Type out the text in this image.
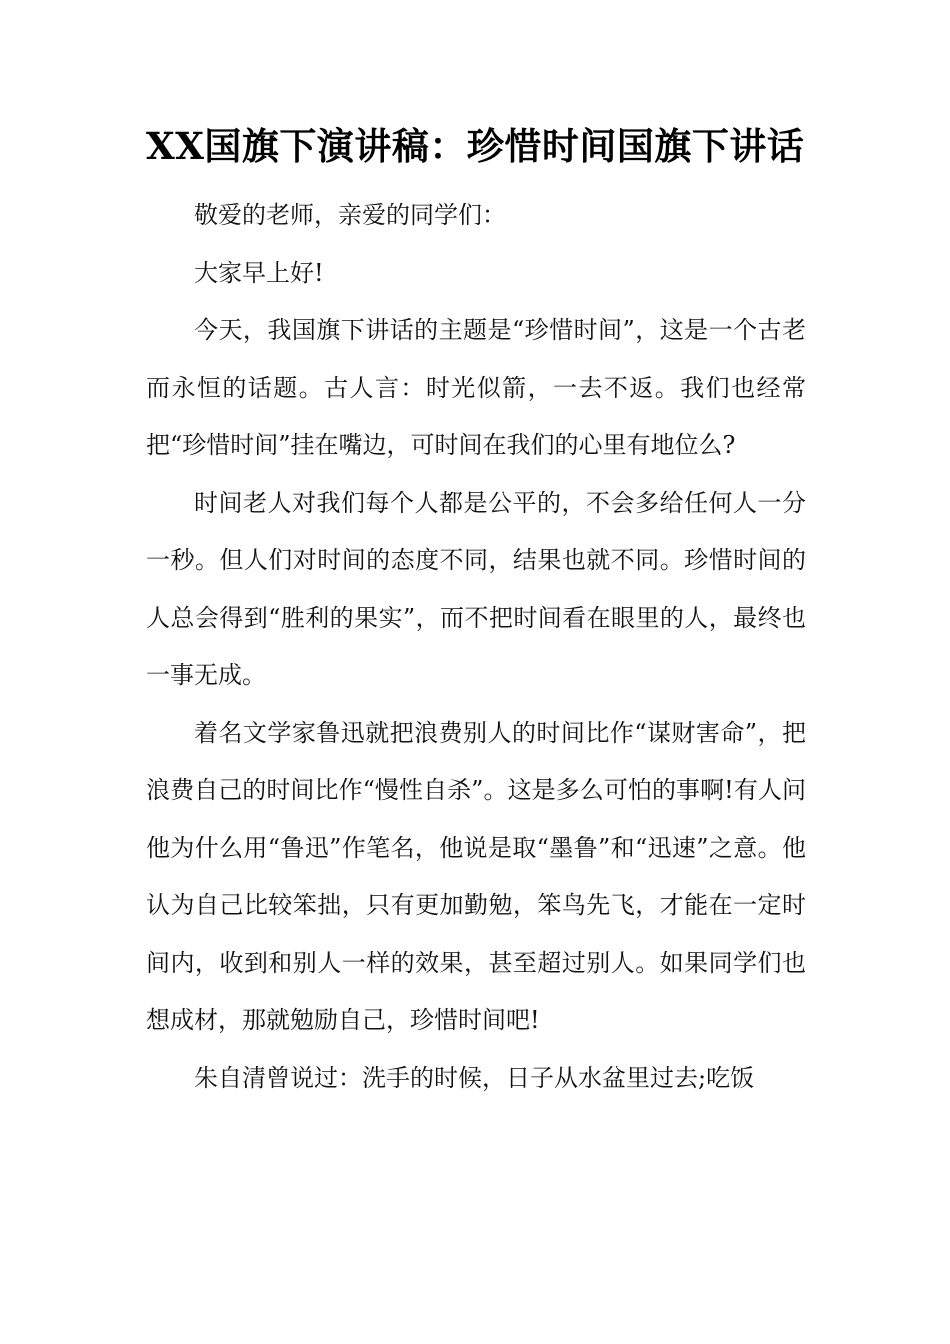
XX国旗下演讲稿：珍惜时间国旗下讲话

敬爱的老师，亲爱的同学们：

大家早上好!

今天，我国旗下讲话的主题是“珍惜时间”，这是一个古老而永恒的话题。古人言：时光似箭，一去不返。我们也经常把“珍惜时间”挂在嘴边，可时间在我们的心里有地位么?

时间老人对我们每个人都是公平的，不会多给任何人一分一秒。但人们对时间的态度不同，结果也就不同。珍惜时间的人总会得到“胜利的果实”，而不把时间看在眼里的人，最终也一事无成。

着名文学家鲁迅就把浪费别人的时间比作“谋财害命”，把浪费自己的时间比作“慢性自杀”。这是多么可怕的事啊!有人问他为什么用“鲁迅”作笔名，他说是取“墨鲁”和“迅速”之意。他认为自己比较笨拙，只有更加勤勉，笨鸟先飞，才能在一定时间内，收到和别人一样的效果，甚至超过别人。如果同学们也想成材，那就勉励自己，珍惜时间吧!

朱自清曾说过：洗手的时候，日子从水盆里过去;吃饭
